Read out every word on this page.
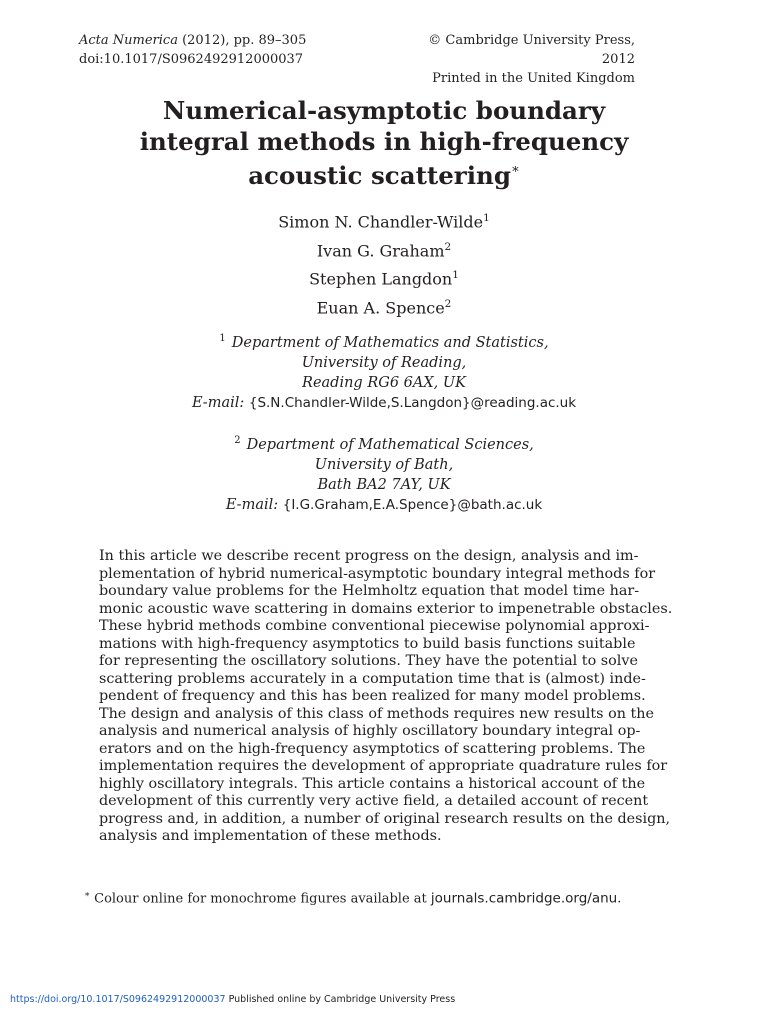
Acta Numerica (2012), pp. 89–305
doi:10.1017/S0962492912000037
© Cambridge University Press, 2012
Printed in the United Kingdom
Numerical-asymptotic boundary
integral methods in high-frequency
acoustic scattering∗
Simon N. Chandler-Wilde$^1$
Ivan G. Graham$^2$
Stephen Langdon$^1$
Euan A. Spence$^2$
$^1$ Department of Mathematics and Statistics,
University of Reading,
Reading RG6 6AX, UK
E-mail: {S.N.Chandler-Wilde,S.Langdon}@reading.ac.uk
$^2$ Department of Mathematical Sciences,
University of Bath,
Bath BA2 7AY, UK
E-mail: {I.G.Graham,E.A.Spence}@bath.ac.uk
In this article we describe recent progress on the design, analysis and im-
plementation of hybrid numerical-asymptotic boundary integral methods for
boundary value problems for the Helmholtz equation that model time har-
monic acoustic wave scattering in domains exterior to impenetrable obstacles.
These hybrid methods combine conventional piecewise polynomial approxi-
mations with high-frequency asymptotics to build basis functions suitable
for representing the oscillatory solutions. They have the potential to solve
scattering problems accurately in a computation time that is (almost) inde-
pendent of frequency and this has been realized for many model problems.
The design and analysis of this class of methods requires new results on the
analysis and numerical analysis of highly oscillatory boundary integral op-
erators and on the high-frequency asymptotics of scattering problems. The
implementation requires the development of appropriate quadrature rules for
highly oscillatory integrals. This article contains a historical account of the
development of this currently very active field, a detailed account of recent
progress and, in addition, a number of original research results on the design,
analysis and implementation of these methods.
∗ Colour online for monochrome figures available at journals.cambridge.org/anu.
https://doi.org/10.1017/S0962492912000037 Published online by Cambridge University Press
